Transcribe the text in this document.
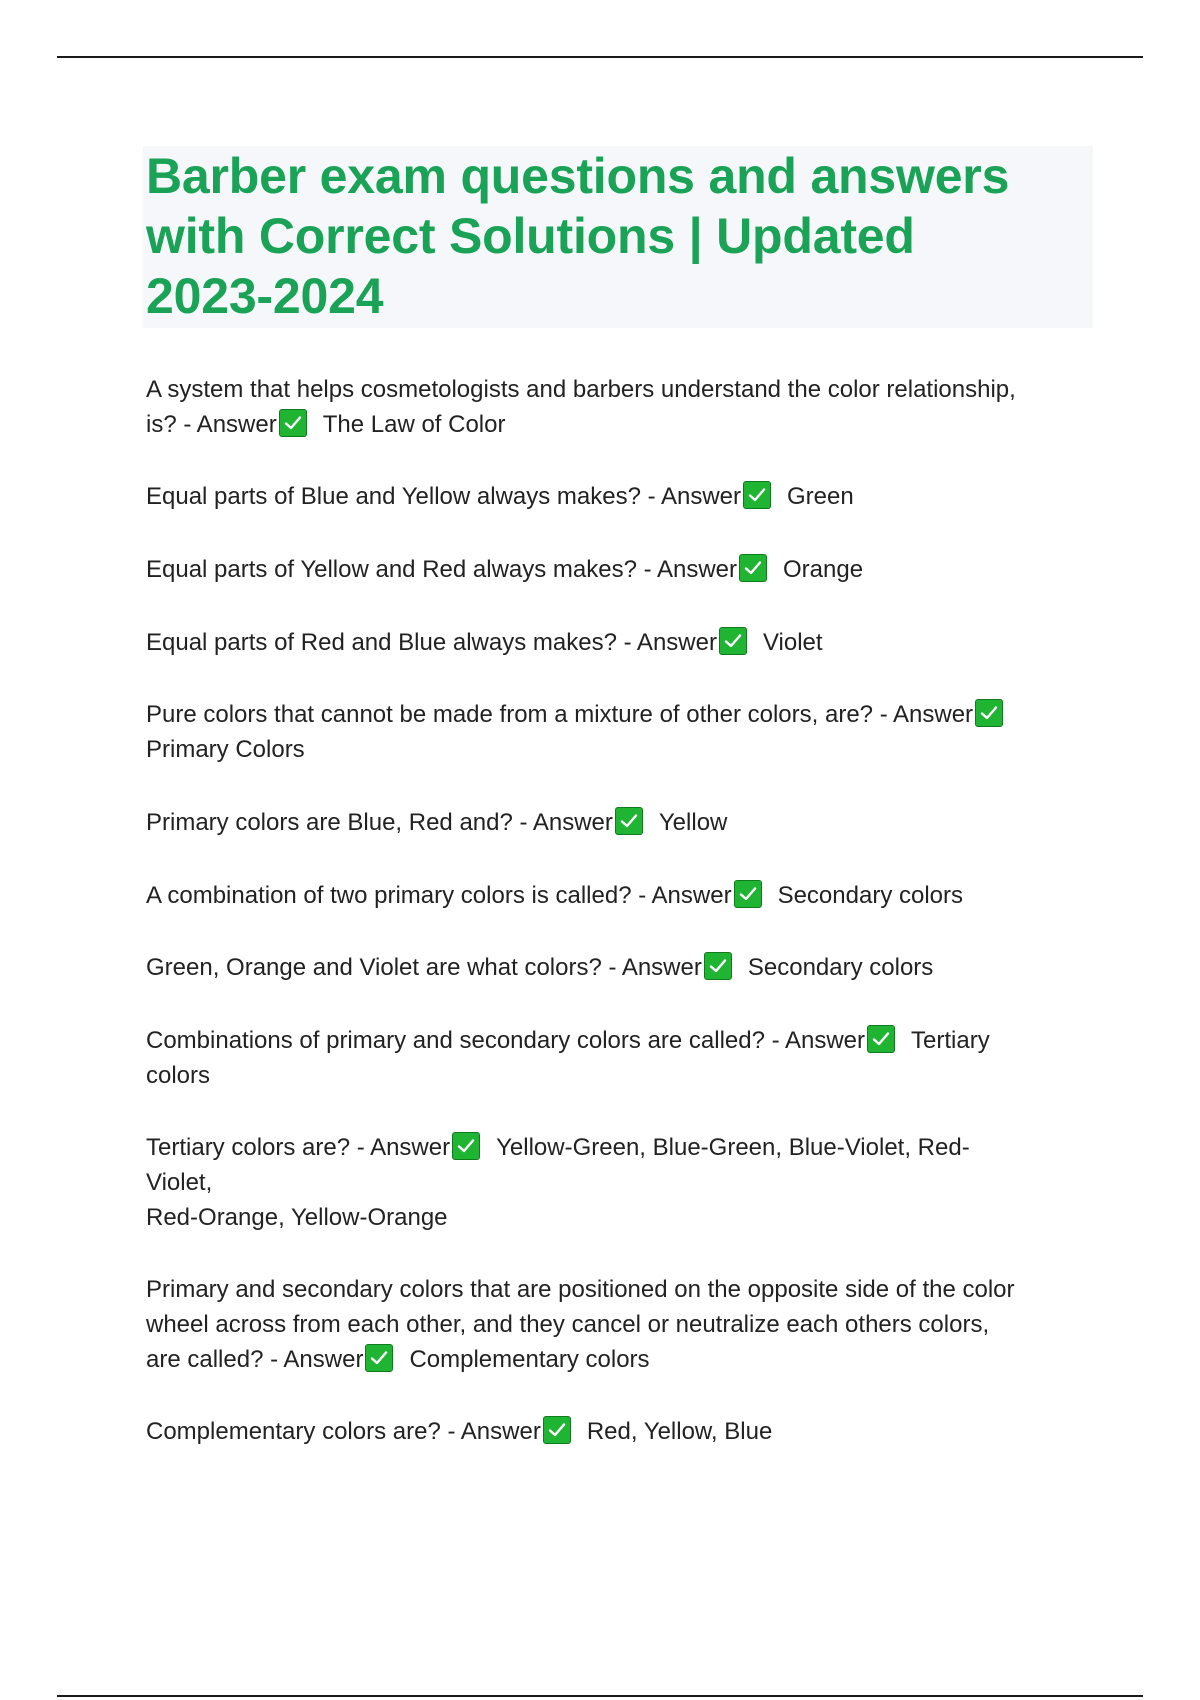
Barber exam questions and answers
with Correct Solutions | Updated
2023-2024
A system that helps cosmetologists and barbers understand the color relationship,
is? - Answer The Law of Color
Equal parts of Blue and Yellow always makes? - Answer Green
Equal parts of Yellow and Red always makes? - Answer Orange
Equal parts of Red and Blue always makes? - Answer Violet
Pure colors that cannot be made from a mixture of other colors, are? - Answer

Primary Colors
Primary colors are Blue, Red and? - Answer Yellow
A combination of two primary colors is called? - Answer Secondary colors
Green, Orange and Violet are what colors? - Answer Secondary colors
Combinations of primary and secondary colors are called? - Answer Tertiary
colors
Tertiary colors are? - Answer Yellow-Green, Blue-Green, Blue-Violet, Red-
Violet,
Red-Orange, Yellow-Orange
Primary and secondary colors that are positioned on the opposite side of the color
wheel across from each other, and they cancel or neutralize each others colors,
are called? - Answer Complementary colors
Complementary colors are? - Answer Red, Yellow, Blue
